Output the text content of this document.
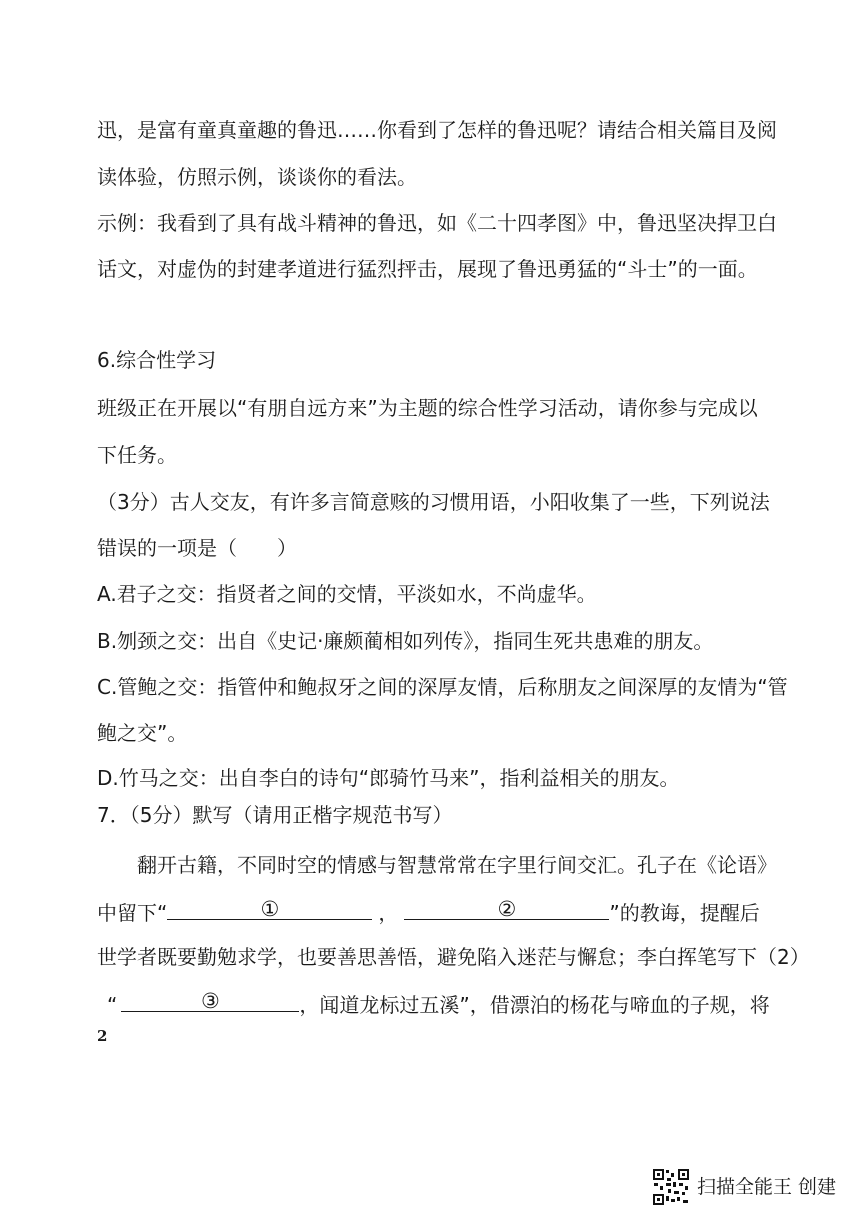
迅，是富有童真童趣的鲁迅……你看到了怎样的鲁迅呢？请结合相关篇目及阅
读体验，仿照示例，谈谈你的看法。
示例：我看到了具有战斗精神的鲁迅，如《二十四孝图》中，鲁迅坚决捍卫白
话文，对虚伪的封建孝道进行猛烈抨击，展现了鲁迅勇猛的“斗士”的一面。
6.综合性学习
班级正在开展以“有朋自远方来”为主题的综合性学习活动，请你参与完成以
下任务。
（3分）古人交友，有许多言简意赅的习惯用语，小阳收集了一些，下列说法
错误的一项是（　　）
A.君子之交：指贤者之间的交情，平淡如水，不尚虚华。
B.刎颈之交：出自《史记·廉颇蔺相如列传》，指同生死共患难的朋友。
C.管鲍之交：指管仲和鲍叔牙之间的深厚友情，后称朋友之间深厚的友情为“管
鲍之交”。
D.竹马之交：出自李白的诗句“郎骑竹马来”，指利益相关的朋友。
7．（5分）默写（请用正楷字规范书写）
翻开古籍，不同时空的情感与智慧常常在字里行间交汇。孔子在《论语》
中留下“	①	，	②	”的教诲，提醒后
世学者既要勤勉求学，也要善思善悟，避免陷入迷茫与懈怠；李白挥笔写下（2）
“	③	，闻道龙标过五溪”，借漂泊的杨花与啼血的子规，将
2
扫描全能王 创建
